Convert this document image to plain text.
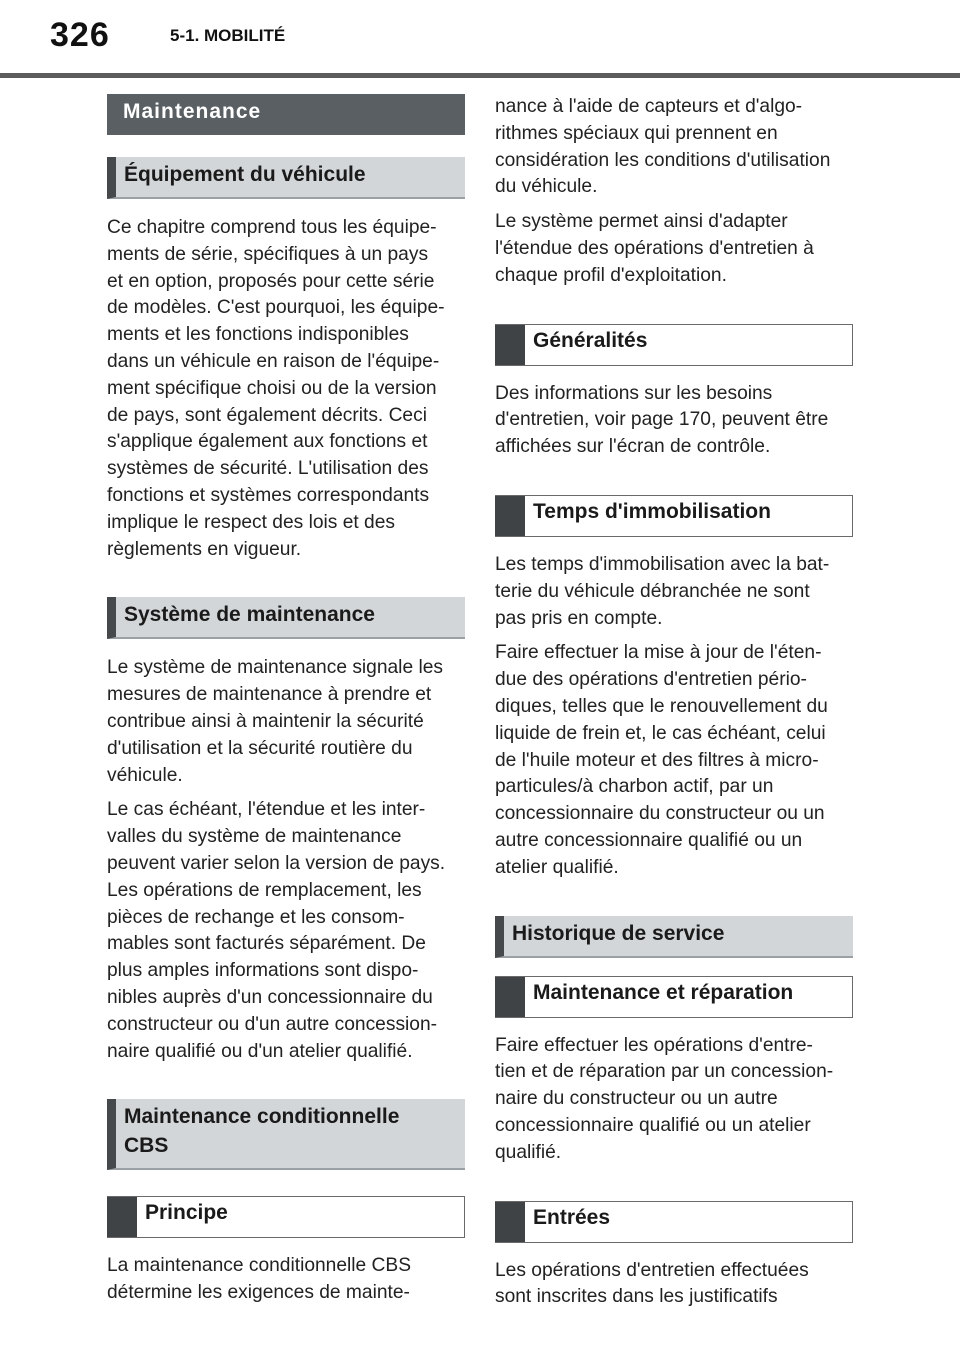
326	5-1. MOBILITÉ
Maintenance
Équipement du véhicule

Ce chapitre comprend tous les équipe-
ments de série, spécifiques à un pays
et en option, proposés pour cette série
de modèles. C'est pourquoi, les équipe-
ments et les fonctions indisponibles
dans un véhicule en raison de l'équipe-
ment spécifique choisi ou de la version
de pays, sont également décrits. Ceci
s'applique également aux fonctions et
systèmes de sécurité. L'utilisation des
fonctions et systèmes correspondants
implique le respect des lois et des
règlements en vigueur.

Système de maintenance

Le système de maintenance signale les
mesures de maintenance à prendre et
contribue ainsi à maintenir la sécurité
d'utilisation et la sécurité routière du
véhicule.

Le cas échéant, l'étendue et les inter-
valles du système de maintenance
peuvent varier selon la version de pays.
Les opérations de remplacement, les
pièces de rechange et les consom-
mables sont facturés séparément. De
plus amples informations sont dispo-
nibles auprès d'un concessionnaire du
constructeur ou d'un autre concession-
naire qualifié ou d'un atelier qualifié.

Maintenance conditionnelle
CBS
Principe

La maintenance conditionnelle CBS
détermine les exigences de mainte-

nance à l'aide de capteurs et d'algo-
rithmes spéciaux qui prennent en
considération les conditions d'utilisation
du véhicule.

Le système permet ainsi d'adapter
l'étendue des opérations d'entretien à
chaque profil d'exploitation.

Généralités

Des informations sur les besoins
d'entretien, voir page 170, peuvent être
affichées sur l'écran de contrôle.

Temps d'immobilisation

Les temps d'immobilisation avec la bat-
terie du véhicule débranchée ne sont
pas pris en compte.

Faire effectuer la mise à jour de l'éten-
due des opérations d'entretien pério-
diques, telles que le renouvellement du
liquide de frein et, le cas échéant, celui
de l'huile moteur et des filtres à micro-
particules/à charbon actif, par un
concessionnaire du constructeur ou un
autre concessionnaire qualifié ou un
atelier qualifié.

Historique de service
Maintenance et réparation

Faire effectuer les opérations d'entre-
tien et de réparation par un concession-
naire du constructeur ou un autre
concessionnaire qualifié ou un atelier
qualifié.

Entrées

Les opérations d'entretien effectuées
sont inscrites dans les justificatifs
